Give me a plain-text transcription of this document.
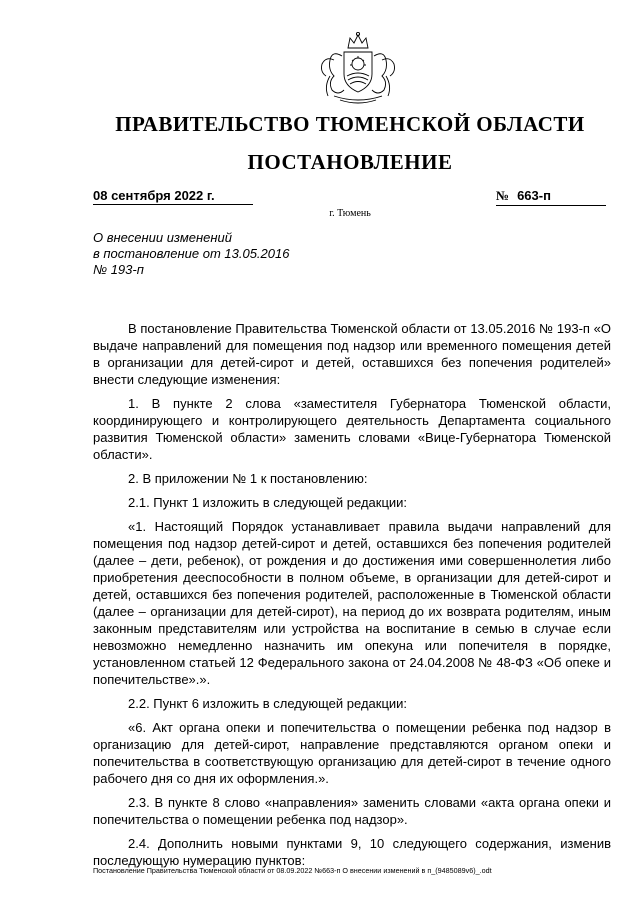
ПРАВИТЕЛЬСТВО ТЮМЕНСКОЙ ОБЛАСТИ
ПОСТАНОВЛЕНИЕ
08 сентября 2022 г.	№ 663-п
г. Тюмень
О внесении изменений
в постановление от 13.05.2016
№ 193-п

В постановление Правительства Тюменской области от 13.05.2016 № 193-п «О выдаче направлений для помещения под надзор или временного помещения детей в организации для детей-сирот и детей, оставшихся без попечения родителей» внести следующие изменения:

1. В пункте 2 слова «заместителя Губернатора Тюменской области, координирующего и контролирующего деятельность Департамента социального развития Тюменской области» заменить словами «Вице-Губернатора Тюменской области».

2. В приложении № 1 к постановлению:

2.1. Пункт 1 изложить в следующей редакции:

«1. Настоящий Порядок устанавливает правила выдачи направлений для помещения под надзор детей-сирот и детей, оставшихся без попечения родителей (далее – дети, ребенок), от рождения и до достижения ими совершеннолетия либо приобретения дееспособности в полном объеме, в организации для детей-сирот и детей, оставшихся без попечения родителей, расположенные в Тюменской области (далее – организации для детей-сирот), на период до их возврата родителям, иным законным представителям или устройства на воспитание в семью в случае если невозможно немедленно назначить им опекуна или попечителя в порядке, установленном статьей 12 Федерального закона от 24.04.2008 № 48-ФЗ «Об опеке и попечительстве».».

2.2. Пункт 6 изложить в следующей редакции:

«6. Акт органа опеки и попечительства о помещении ребенка под надзор в организацию для детей-сирот, направление представляются органом опеки и попечительства в соответствующую организацию для детей-сирот в течение одного рабочего дня со дня их оформления.».

2.3. В пункте 8 слово «направления» заменить словами «акта органа опеки и попечительства о помещении ребенка под надзор».

2.4. Дополнить новыми пунктами 9, 10 следующего содержания, изменив последующую нумерацию пунктов:

Постановление Правительства Тюменской области от 08.09.2022 №663-п О внесении изменений в п_(9485089v6)_.odt
